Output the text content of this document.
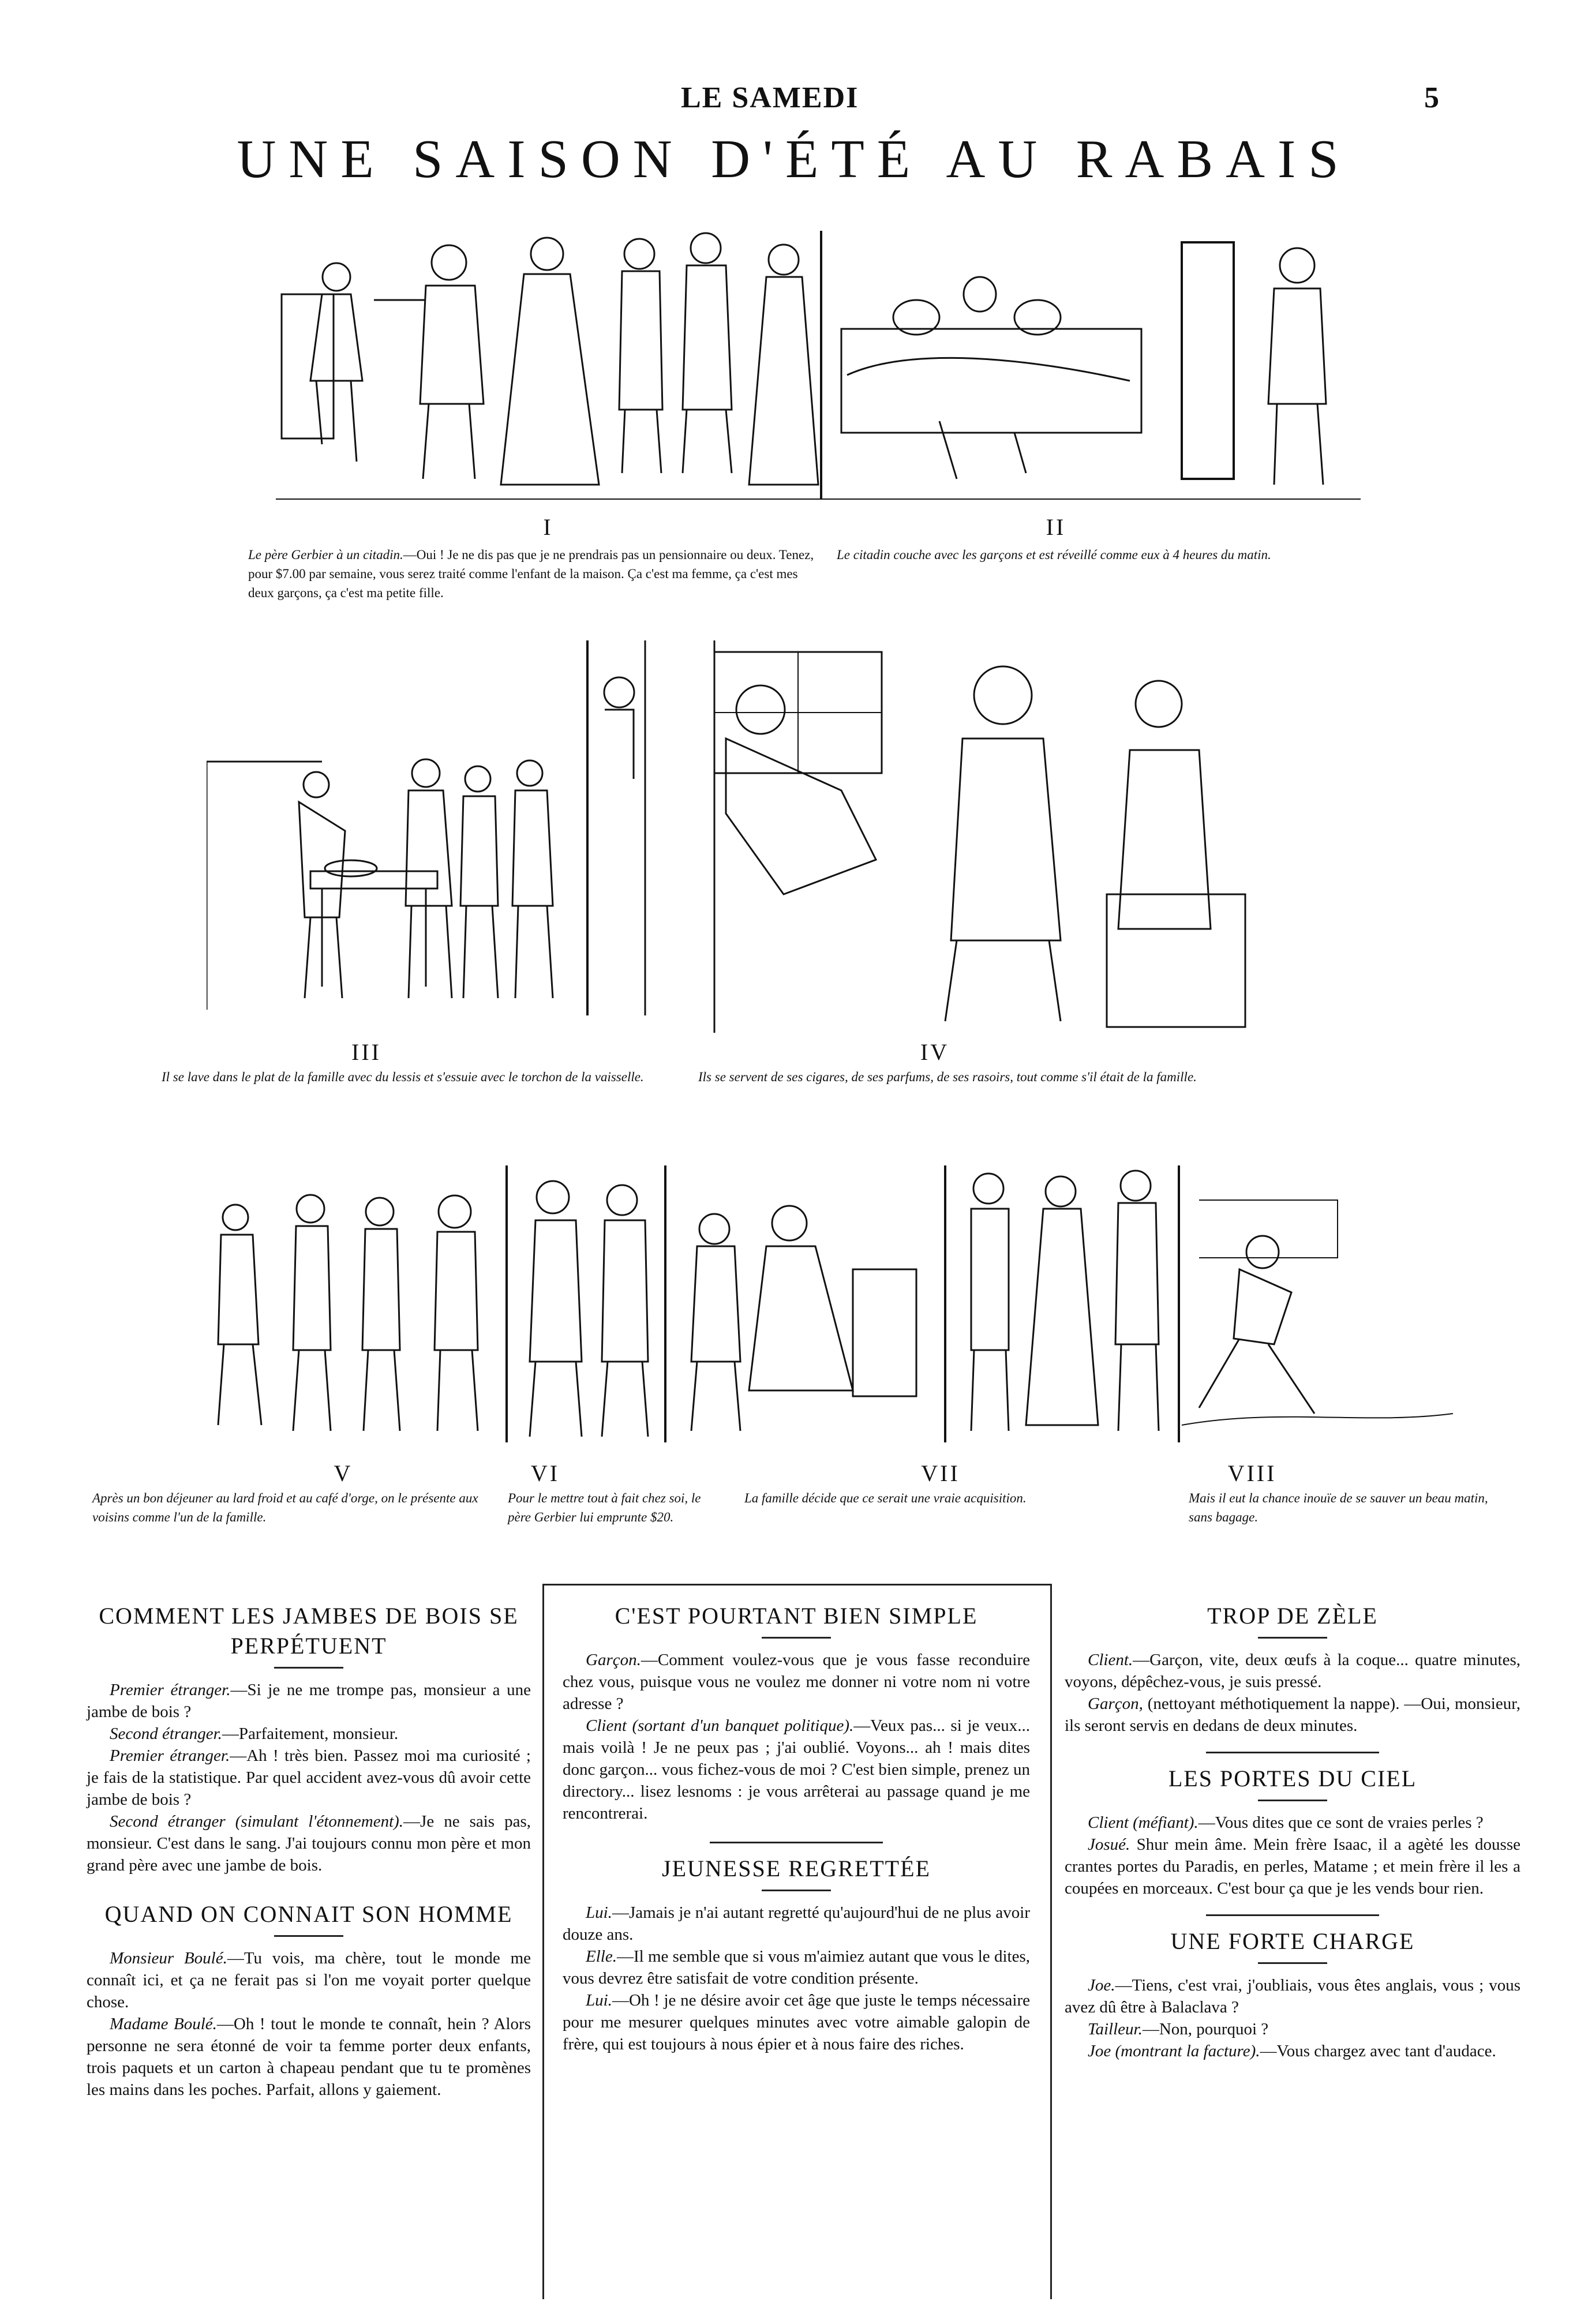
LE SAMEDI	5
UNE SAISON D'ÉTÉ AU RABAIS
I	II
Le père Gerbier à un citadin.—Oui ! Je ne dis pas que je ne prendrais pas un pensionnaire ou deux. Tenez, pour $7.00 par semaine, vous serez traité comme l'enfant de la maison. Ça c'est ma femme, ça c'est mes deux garçons, ça c'est ma petite fille.
Le citadin couche avec les garçons et est réveillé comme eux à 4 heures du matin.
III	IV
Il se lave dans le plat de la famille avec du lessis et s'essuie avec le torchon de la vaisselle.	Ils se servent de ses cigares, de ses parfums, de ses rasoirs, tout comme s'il était de la famille.
V	VI	VII	VIII
Après un bon déjeuner au lard froid et au café d'orge, on le présente aux voisins comme l'un de la famille.
Pour le mettre tout à fait chez soi, le père Gerbier lui emprunte $20.
La famille décide que ce serait une vraie acquisition.	Mais il eut la chance inouïe de se sauver un beau matin, sans bagage.
COMMENT LES JAMBES DE BOIS SE PERPÉTUENT

Premier étranger.—Si je ne me trompe pas, monsieur a une jambe de bois ?

Second étranger.—Parfaitement, monsieur.

Premier étranger.—Ah ! très bien. Passez moi ma curiosité ; je fais de la statistique. Par quel accident avez-vous dû avoir cette jambe de bois ?

Second étranger (simulant l'étonnement).—Je ne sais pas, monsieur. C'est dans le sang. J'ai toujours connu mon père et mon grand père avec une jambe de bois.

QUAND ON CONNAIT SON HOMME

Monsieur Boulé.—Tu vois, ma chère, tout le monde me connaît ici, et ça ne ferait pas si l'on me voyait porter quelque chose.

Madame Boulé.—Oh ! tout le monde te connaît, hein ? Alors personne ne sera étonné de voir ta femme porter deux enfants, trois paquets et un carton à chapeau pendant que tu te promènes les mains dans les poches. Parfait, allons y gaiement.

C'EST POURTANT BIEN SIMPLE

Garçon.—Comment voulez-vous que je vous fasse reconduire chez vous, puisque vous ne voulez me donner ni votre nom ni votre adresse ?

Client (sortant d'un banquet politique).—Veux pas... si je veux... mais voilà ! Je ne peux pas ; j'ai oublié. Voyons... ah ! mais dites donc garçon... vous fichez-vous de moi ? C'est bien simple, prenez un directory... lisez lesnoms : je vous arrêterai au passage quand je me rencontrerai.

JEUNESSE REGRETTÉE

Lui.—Jamais je n'ai autant regretté qu'aujourd'hui de ne plus avoir douze ans.

Elle.—Il me semble que si vous m'aimiez autant que vous le dites, vous devrez être satisfait de votre condition présente.

Lui.—Oh ! je ne désire avoir cet âge que juste le temps nécessaire pour me mesurer quelques minutes avec votre aimable galopin de frère, qui est toujours à nous épier et à nous faire des riches.

TROP DE ZÈLE

Client.—Garçon, vite, deux œufs à la coque... quatre minutes, voyons, dépêchez-vous, je suis pressé.

Garçon, (nettoyant méthotiquement la nappe). —Oui, monsieur, ils seront servis en dedans de deux minutes.

LES PORTES DU CIEL

Client (méfiant).—Vous dites que ce sont de vraies perles ?

Josué. Shur mein âme. Mein frère Isaac, il a agèté les dousse crantes portes du Paradis, en perles, Matame ; et mein frère il les a coupées en morceaux. C'est bour ça que je les vends bour rien.

UNE FORTE CHARGE

Joe.—Tiens, c'est vrai, j'oubliais, vous êtes anglais, vous ; vous avez dû être à Balaclava ?

Tailleur.—Non, pourquoi ?

Joe (montrant la facture).—Vous chargez avec tant d'audace.
